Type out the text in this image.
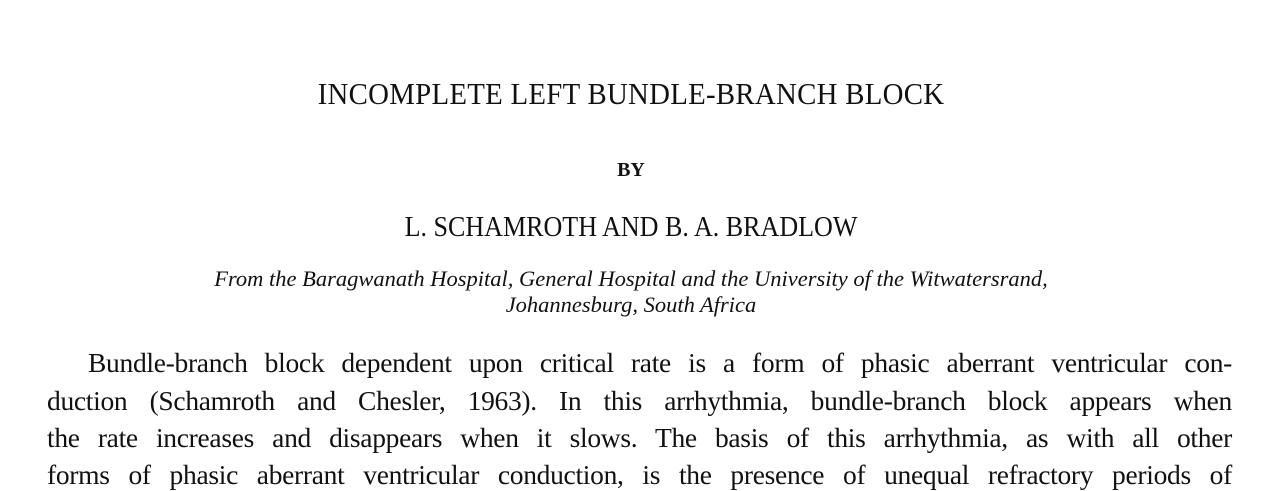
INCOMPLETE LEFT BUNDLE-BRANCH BLOCK
BY
L. SCHAMROTH AND B. A. BRADLOW
From the Baragwanath Hospital, General Hospital and the University of the Witwatersrand,
Johannesburg, South Africa
Bundle-branch block dependent upon critical rate is a form of phasic aberrant ventricular con-
duction (Schamroth and Chesler, 1963). In this arrhythmia, bundle-branch block appears when
the rate increases and disappears when it slows. The basis of this arrhythmia, as with all other
forms of phasic aberrant ventricular conduction, is the presence of unequal refractory periods of
